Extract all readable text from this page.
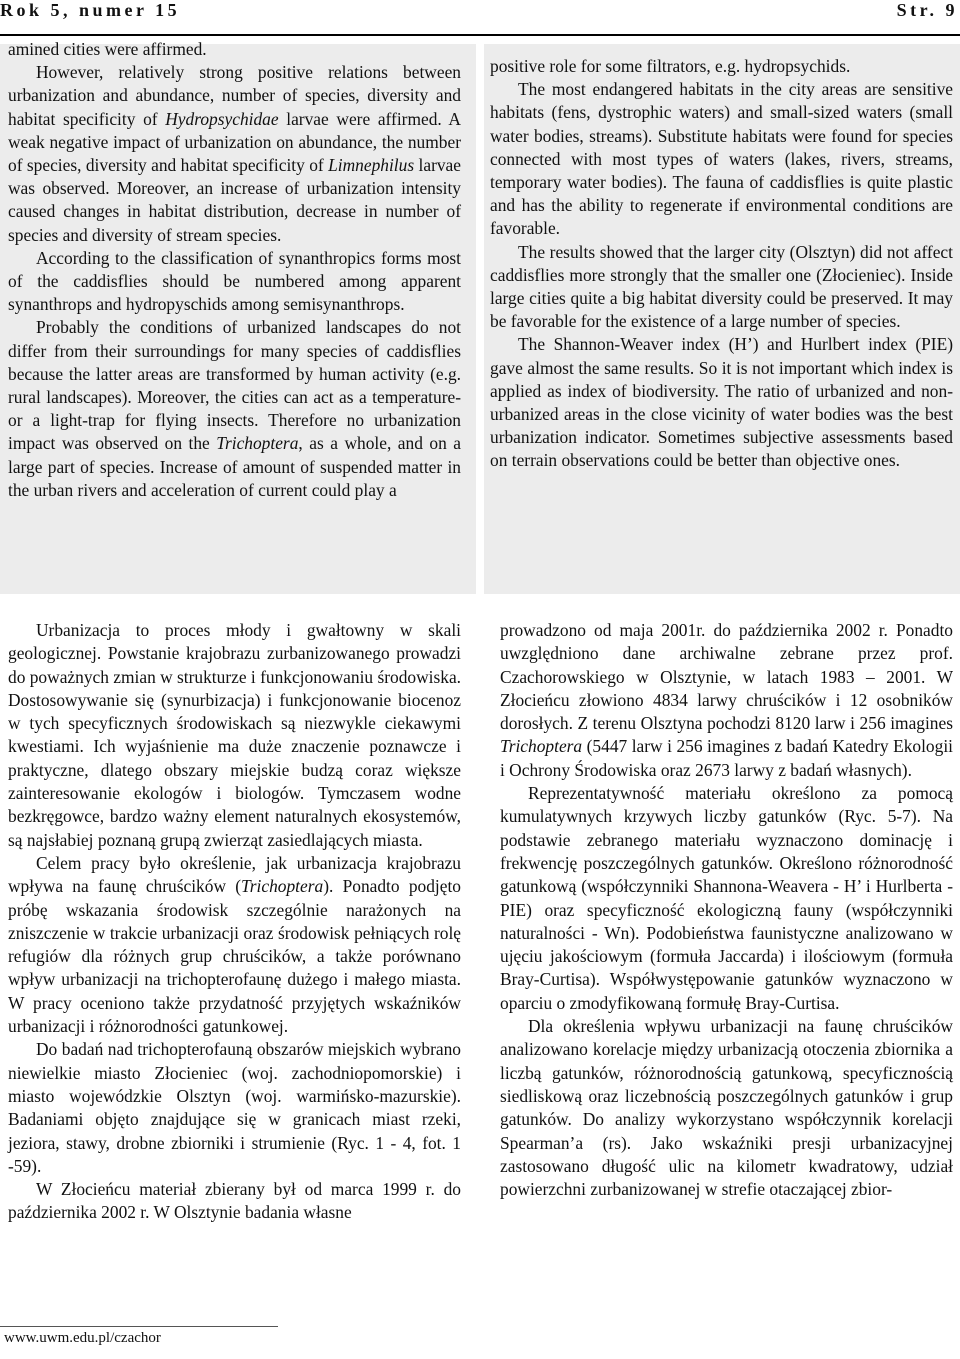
Rok 5, numer 15	Str. 9

amined cities were affirmed.

However, relatively strong positive relations between urbanization and abundance, number of species, diversity and habitat specificity of Hydropsychidae larvae were affirmed. A weak negative impact of urbanization on abundance, the number of species, diversity and habitat specificity of Limnephilus larvae was observed. Moreover, an increase of urbanization intensity caused changes in habitat distribution, decrease in number of species and diversity of stream species.

According to the classification of synanthropics forms most of the caddisflies should be numbered among apparent synanthrops and hydropyschids among semisynanthrops.

Probably the conditions of urbanized landscapes do not differ from their surroundings for many species of caddisflies because the latter areas are transformed by human activity (e.g. rural landscapes). Moreover, the cities can act as a temperature- or a light-trap for flying insects. Therefore no urbanization impact was observed on the Trichoptera, as a whole, and on a large part of species. Increase of amount of suspended matter in the urban rivers and acceleration of current could play a

positive role for some filtrators, e.g. hydropsychids.

The most endangered habitats in the city areas are sensitive habitats (fens, dystrophic waters) and small-sized waters (small water bodies, streams). Substitute habitats were found for species connected with most types of waters (lakes, rivers, streams, temporary water bodies). The fauna of caddisflies is quite plastic and has the ability to regenerate if environmental conditions are favorable.

The results showed that the larger city (Olsztyn) did not affect caddisflies more strongly that the smaller one (Złocieniec). Inside large cities quite a big habitat diversity could be preserved. It may be favorable for the existence of a large number of species.

The Shannon-Weaver index (H’) and Hurlbert index (PIE) gave almost the same results. So it is not important which index is applied as index of biodiversity. The ratio of urbanized and non-urbanized areas in the close vicinity of water bodies was the best urbanization indicator. Sometimes subjective assessments based on terrain observations could be better than objective ones.

Urbanizacja to proces młody i gwałtowny w skali geologicznej. Powstanie krajobrazu zurbanizowanego prowadzi do poważnych zmian w strukturze i funkcjonowaniu środowiska. Dostosowywanie się (synurbizacja) i funkcjonowanie biocenoz w tych specyficznych środowiskach są niezwykle ciekawymi kwestiami. Ich wyjaśnienie ma duże znaczenie poznawcze i praktyczne, dlatego obszary miejskie budzą coraz większe zainteresowanie ekologów i biologów. Tymczasem wodne bezkręgowce, bardzo ważny element naturalnych ekosystemów, są najsłabiej poznaną grupą zwierząt zasiedlających miasta.

Celem pracy było określenie, jak urbanizacja krajobrazu wpływa na faunę chruścików (Trichoptera). Ponadto podjęto próbę wskazania środowisk szczególnie narażonych na zniszczenie w trakcie urbanizacji oraz środowisk pełniących rolę refugiów dla różnych grup chruścików, a także porównano wpływ urbanizacji na trichopterofaunę dużego i małego miasta. W pracy oceniono także przydatność przyjętych wskaźników urbanizacji i różnorodności gatunkowej.

Do badań nad trichopterofauną obszarów miejskich wybrano niewielkie miasto Złocieniec (woj. zachodniopomorskie) i miasto wojewódzkie Olsztyn (woj. warmińsko-mazurskie). Badaniami objęto znajdujące się w granicach miast rzeki, jeziora, stawy, drobne zbiorniki i strumienie (Ryc. 1 - 4, fot. 1 -59).

W Złocieńcu materiał zbierany był od marca 1999 r. do października 2002 r. W Olsztynie badania własne

prowadzono od maja 2001r. do października 2002 r. Ponadto uwzględniono dane archiwalne zebrane przez prof. Czachorowskiego w Olsztynie, w latach 1983 – 2001. W Złocieńcu złowiono 4834 larwy chruścików i 12 osobników dorosłych. Z terenu Olsztyna pochodzi 8120 larw i 256 imagines Trichoptera (5447 larw i 256 imagines z badań Katedry Ekologii i Ochrony Środowiska oraz 2673 larwy z badań własnych).

Reprezentatywność materiału określono za pomocą kumulatywnych krzywych liczby gatunków (Ryc. 5-7). Na podstawie zebranego materiału wyznaczono dominację i frekwencję poszczególnych gatunków. Określono różnorodność gatunkową (współczynniki Shannona-Weavera - H’ i Hurlberta - PIE) oraz specyficzność ekologiczną fauny (współczynniki naturalności - Wn). Podobieństwa faunistyczne analizowano w ujęciu jakościowym (formuła Jaccarda) i ilościowym (formuła Bray-Curtisa). Współwystępowanie gatunków wyznaczono w oparciu o zmodyfikowaną formułę Bray-Curtisa.

Dla określenia wpływu urbanizacji na faunę chruścików analizowano korelacje między urbanizacją otoczenia zbiornika a liczbą gatunków, różnorodnością gatunkową, specyficznością siedliskową oraz liczebnością poszczególnych gatunków i grup gatunków. Do analizy wykorzystano współczynnik korelacji Spearman’a (rs). Jako wskaźniki presji urbanizacyjnej zastosowano długość ulic na kilometr kwadratowy, udział powierzchni zurbanizowanej w strefie otaczającej zbior-

www.uwm.edu.pl/czachor
